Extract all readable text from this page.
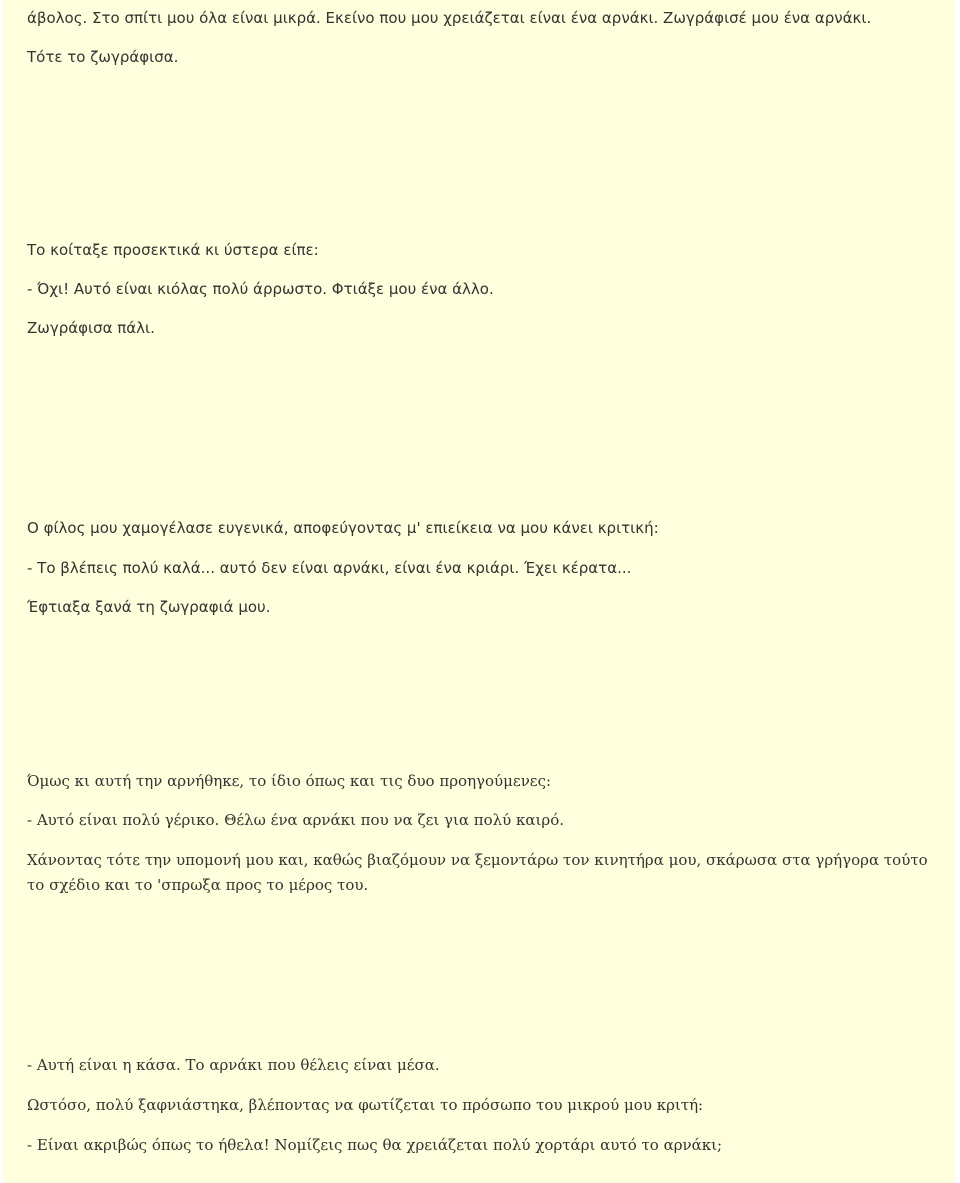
άβολος. Στο σπίτι μου όλα είναι μικρά. Εκείνο που μου χρειάζεται είναι ένα αρνάκι. Ζωγράφισέ μου ένα αρνάκι.

Τότε το ζωγράφισα.

Το κοίταξε προσεκτικά κι ύστερα είπε:

- Όχι! Αυτό είναι κιόλας πολύ άρρωστο. Φτιάξε μου ένα άλλο.

Ζωγράφισα πάλι.

Ο φίλος μου χαμογέλασε ευγενικά, αποφεύγοντας μ' επιείκεια να μου κάνει κριτική:

- Το βλέπεις πολύ καλά... αυτό δεν είναι αρνάκι, είναι ένα κριάρι. Έχει κέρατα...

Έφτιαξα ξανά τη ζωγραφιά μου.

Όμως κι αυτή την αρνήθηκε, το ίδιο όπως και τις δυο προηγούμενες:

- Αυτό είναι πολύ γέρικο. Θέλω ένα αρνάκι που να ζει για πολύ καιρό.

Χάνοντας τότε την υπομονή μου και, καθώς βιαζόμουν να ξεμοντάρω τον κινητήρα μου, σκάρωσα στα γρήγορα τούτο το σχέδιο και το 'σπρωξα προς το μέρος του.

- Αυτή είναι η κάσα. Το αρνάκι που θέλεις είναι μέσα.

Ωστόσο, πολύ ξαφνιάστηκα, βλέποντας να φωτίζεται το πρόσωπο του μικρού μου κριτή:

- Είναι ακριβώς όπως το ήθελα! Νομίζεις πως θα χρειάζεται πολύ χορτάρι αυτό το αρνάκι;
